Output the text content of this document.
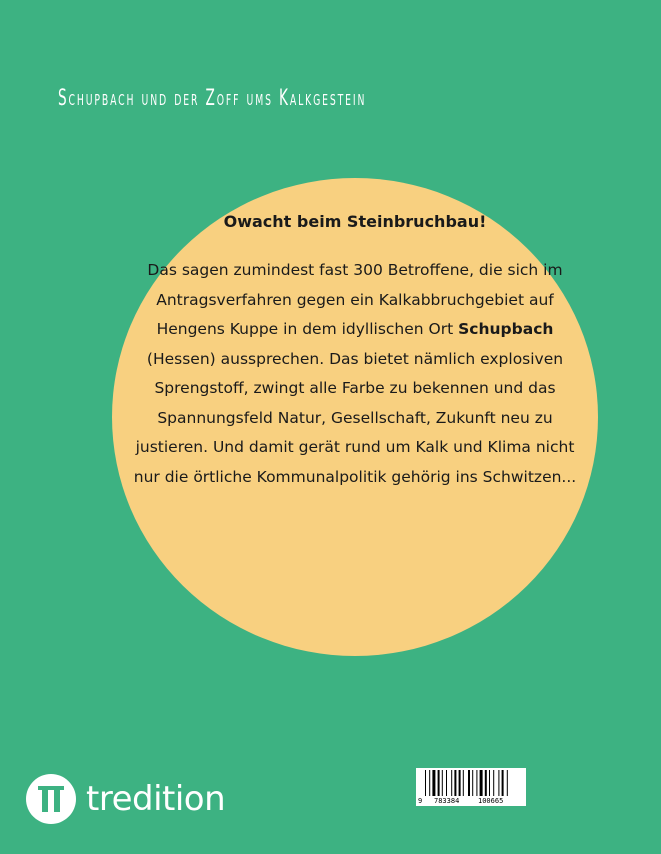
Schupbach und der Zoff ums Kalkgestein

Owacht beim Steinbruchbau!

Das sagen zumindest fast 300 Betroffene, die sich im Antragsverfahren gegen ein Kalkabbruchgebiet auf Hengens Kuppe in dem idyllischen Ort Schupbach (Hessen) aussprechen. Das bietet nämlich explosiven Sprengstoff, zwingt alle Farbe zu bekennen und das Spannungsfeld Natur, Gesellschaft, Zukunft neu zu justieren. Und damit gerät rund um Kalk und Klima nicht nur die örtliche Kommunalpolitik gehörig ins Schwitzen...

tredition	9 783384	100665
